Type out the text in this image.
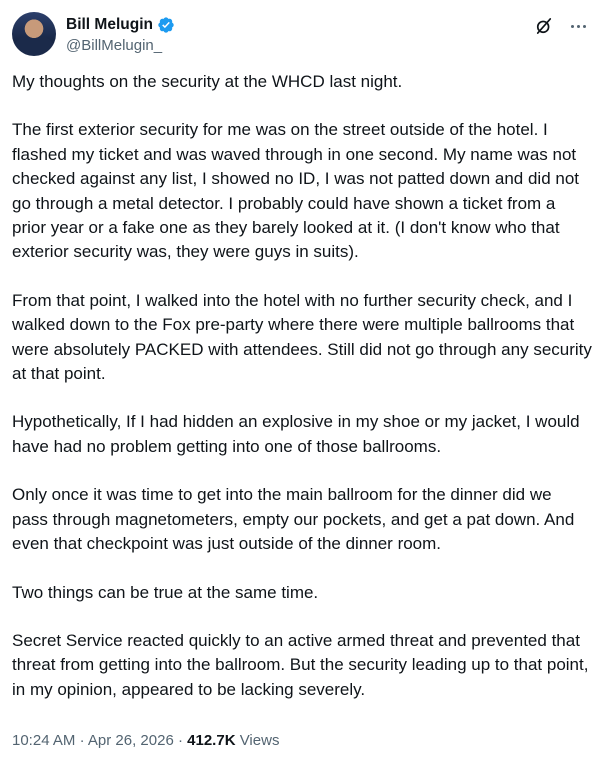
Bill Melugin
@BillMelugin_

My thoughts on the security at the WHCD last night.

The first exterior security for me was on the street outside of the hotel. I flashed my ticket and was waved through in one second. My name was not checked against any list, I showed no ID, I was not patted down and did not go through a metal detector. I probably could have shown a ticket from a prior year or a fake one as they barely looked at it. (I don't know who that exterior security was, they were guys in suits).

From that point, I walked into the hotel with no further security check, and I walked down to the Fox pre-party where there were multiple ballrooms that were absolutely PACKED with attendees. Still did not go through any security at that point.

Hypothetically, If I had hidden an explosive in my shoe or my jacket, I would have had no problem getting into one of those ballrooms.

Only once it was time to get into the main ballroom for the dinner did we pass through magnetometers, empty our pockets, and get a pat down. And even that checkpoint was just outside of the dinner room.

Two things can be true at the same time.

Secret Service reacted quickly to an active armed threat and prevented that threat from getting into the ballroom. But the security leading up to that point, in my opinion, appeared to be lacking severely.

10:24 AM · Apr 26, 2026 · 412.7K Views
